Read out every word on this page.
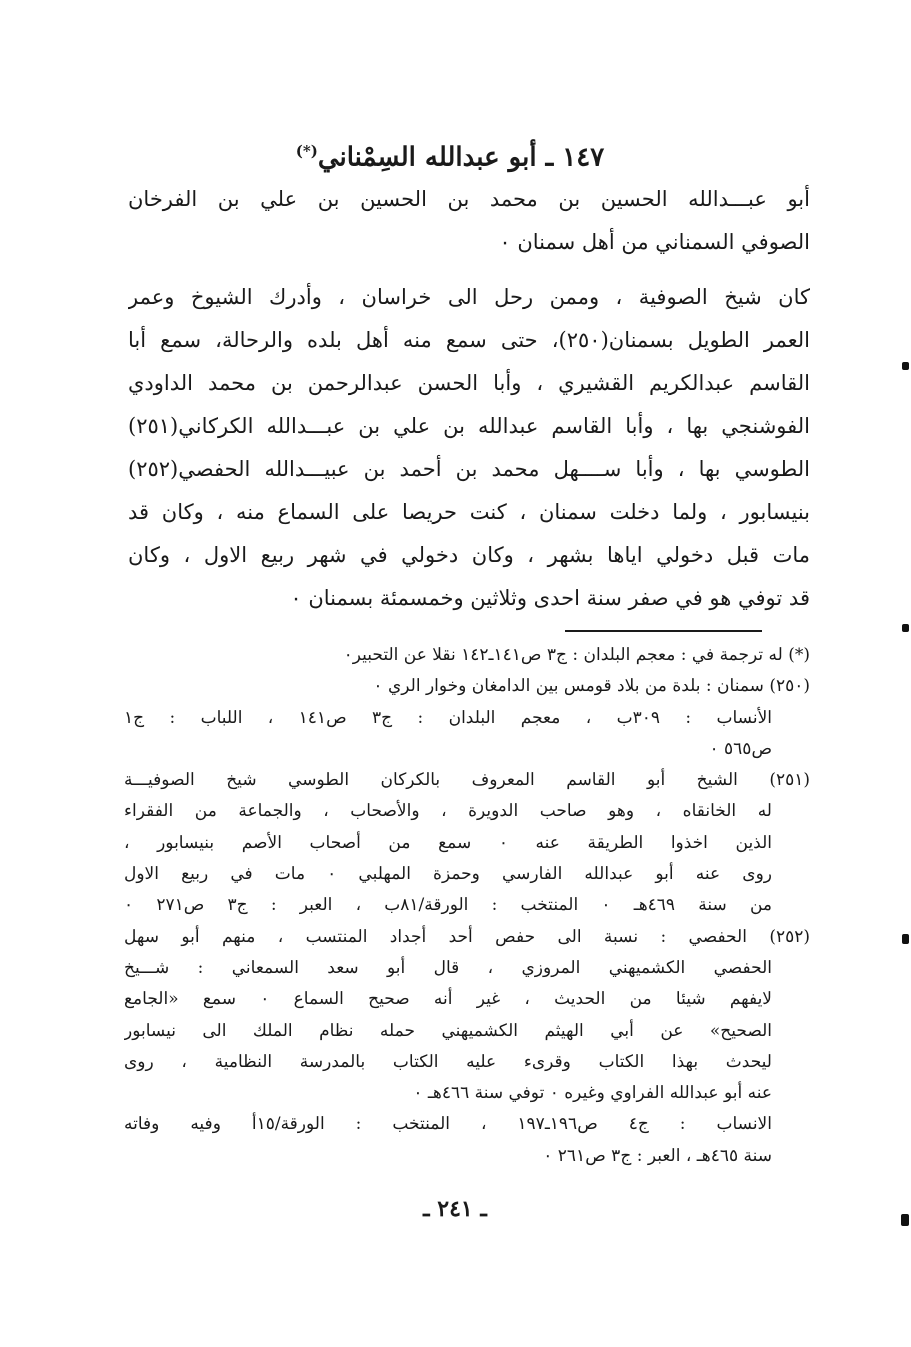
١٤٧ ـ أبو عبدالله السِمْناني(*)
أبو عبـــدالله الحسين بن محمد بن الحسين بن علي بن الفرخان
الصوفي السمناني من أهل سمنان ٠
كان شيخ الصوفية ، وممن رحل الى خراسان ، وأدرك الشيوخ وعمر
العمر الطويل بسمنان(٢٥٠)، حتى سمع منه أهل بلده والرحالة، سمع أبا
القاسم عبدالكريم القشيري ، وأبا الحسن عبدالرحمن بن محمد الداودي
الفوشنجي بها ، وأبا القاسم عبدالله بن علي بن عبـــدالله الكركاني(٢٥١)
الطوسي بها ، وأبا ســــهل محمد بن أحمد بن عبيـــدالله الحفصي(٢٥٢)
بنيسابور ، ولما دخلت سمنان ، كنت حريصا على السماع منه ، وكان قد
مات قبل دخولي اياها بشهر ، وكان دخولي في شهر ربيع الاول ، وكان
قد توفي هو في صفر سنة احدى وثلاثين وخمسمئة بسمنان ٠
(*) له ترجمة في : معجم البلدان : ج٣ ص١٤١ـ١٤٢ نقلا عن التحبير٠
(٢٥٠) سمنان : بلدة من بلاد قومس بين الدامغان وخوار الري ٠
الأنساب : ٣٠٩ب ، معجم البلدان : ج٣ ص١٤١ ، اللباب : ج١
ص٥٦٥ ٠
(٢٥١) الشيخ أبو القاسم المعروف بالكركان الطوسي شيخ الصوفيـــة
له الخانقاه ، وهو صاحب الدويرة ، والأصحاب ، والجماعة من الفقراء
الذين اخذوا الطريقة عنه ٠ سمع من أصحاب الأصم بنيسابور ،
روى عنه أبو عبدالله الفارسي وحمزة المهلبي ٠ مات في ربيع الاول
من سنة ٤٦٩هـ ٠ المنتخب : الورقة/٨١ب ، العبر : ج٣ ص٢٧١ ٠
(٢٥٢) الحفصي : نسبة الى حفص أحد أجداد المنتسب ، منهم أبو سهل
الحفصي الكشميهني المروزي ، قال أبو سعد السمعاني : شـــيخ
لايفهم شيئا من الحديث ، غير أنه صحيح السماع ٠ سمع «الجامع
الصحيح» عن أبي الهيثم الكشميهني حمله نظام الملك الى نيسابور
ليحدث بهذا الكتاب وقرىء عليه الكتاب بالمدرسة النظامية ، روى
عنه أبو عبدالله الفراوي وغيره ٠ توفي سنة ٤٦٦هـ ٠
الانساب : ج٤ ص١٩٦ـ١٩٧ ، المنتخب : الورقة/١٥أ وفيه وفاته
سنة ٤٦٥هـ ، العبر : ج٣ ص٢٦١ ٠
ـ ٢٤١ ـ
